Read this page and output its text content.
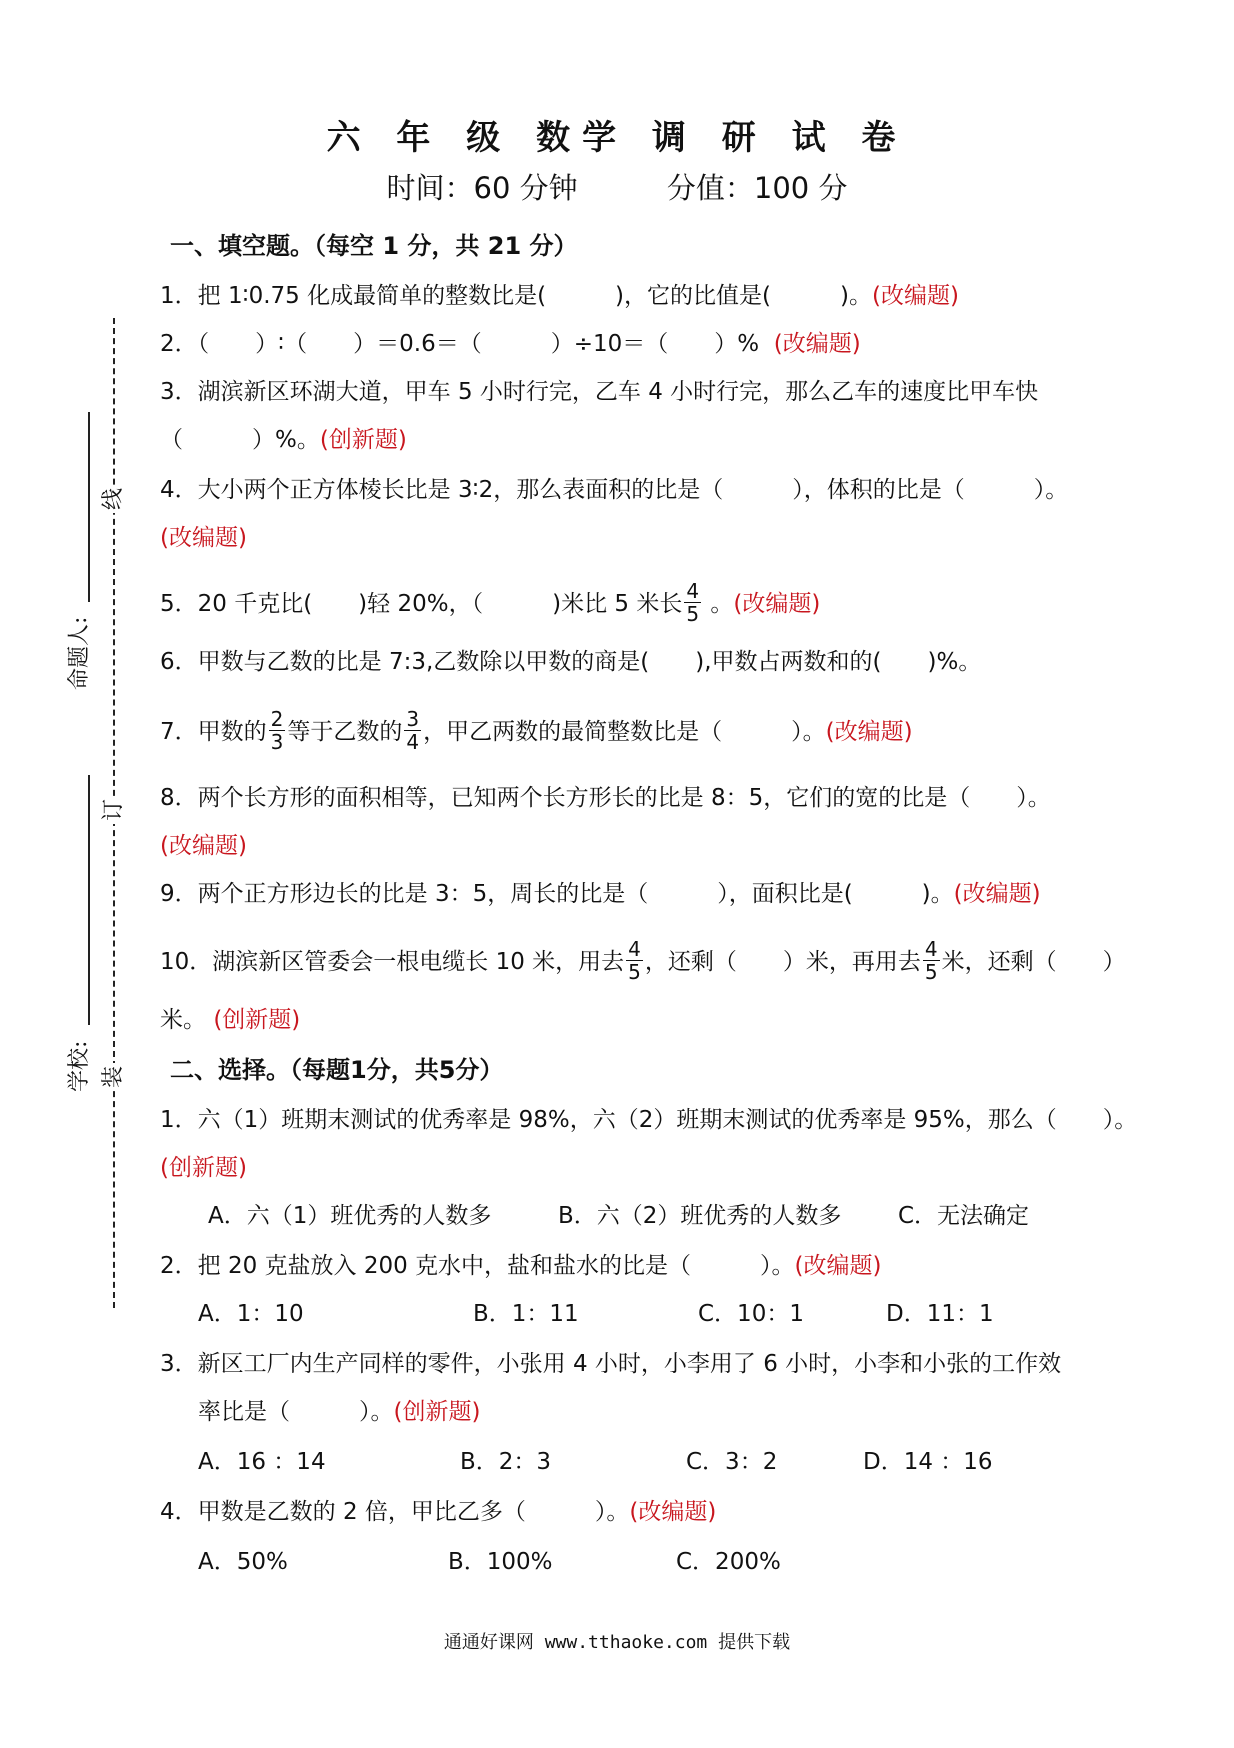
线
订
装
命题人:
学校:
六 年 级 数学 调 研 试 卷
时间：60 分钟	分值：100 分
一、填空题。（每空 1 分，共 21 分）
1．把 1∶0.75 化成最简单的整数比是(　　　)，它的比值是(　　　)。(改编题)
2．（　　）∶（　　）＝0.6＝（　　　）÷10＝（　　）% (改编题)
3．湖滨新区环湖大道，甲车 5 小时行完，乙车 4 小时行完，那么乙车的速度比甲车快
（　　　）%。(创新题)
4．大小两个正方体棱长比是 3∶2，那么表面积的比是（　　　），体积的比是（　　　）。
(改编题)
5．20 千克比(　　)轻 20%，（　　　)米比 5 米长 $\frac{4}{5}$ 。(改编题)
6．甲数与乙数的比是 7:3,乙数除以甲数的商是(　　),甲数占两数和的(　　)%。
7．甲数的 $\frac{2}{3}$ 等于乙数的 $\frac{3}{4}$ ，甲乙两数的最简整数比是（　　　）。(改编题)
8．两个长方形的面积相等，已知两个长方形长的比是 8：5，它们的宽的比是（　　）。
(改编题)
9．两个正方形边长的比是 3：5，周长的比是（　　　），面积比是(　　　)。(改编题)
10．湖滨新区管委会一根电缆长 10 米，用去 $\frac{4}{5}$ ，还剩（　　）米，再用去 $\frac{4}{5}$ 米，还剩（　　）
米。 (创新题)
二、选择。（每题1分，共5分）
1．六（1）班期末测试的优秀率是 98%，六（2）班期末测试的优秀率是 95%，那么（　　）。
(创新题)
A．六（1）班优秀的人数多	B．六（2）班优秀的人数多 C．无法确定
2．把 20 克盐放入 200 克水中，盐和盐水的比是（　　　）。(改编题)
A．1：10	B．1：11	C．10：1	D．11：1
3．新区工厂内生产同样的零件，小张用 4 小时，小李用了 6 小时，小李和小张的工作效
率比是（　　　）。(创新题)
A．16 ：14	B．2：3	C．3：2	D．14 ：16
4．甲数是乙数的 2 倍，甲比乙多（　　　）。(改编题)
A．50%	B．100%	C．200%
通通好课网 www.tthaoke.com 提供下载
